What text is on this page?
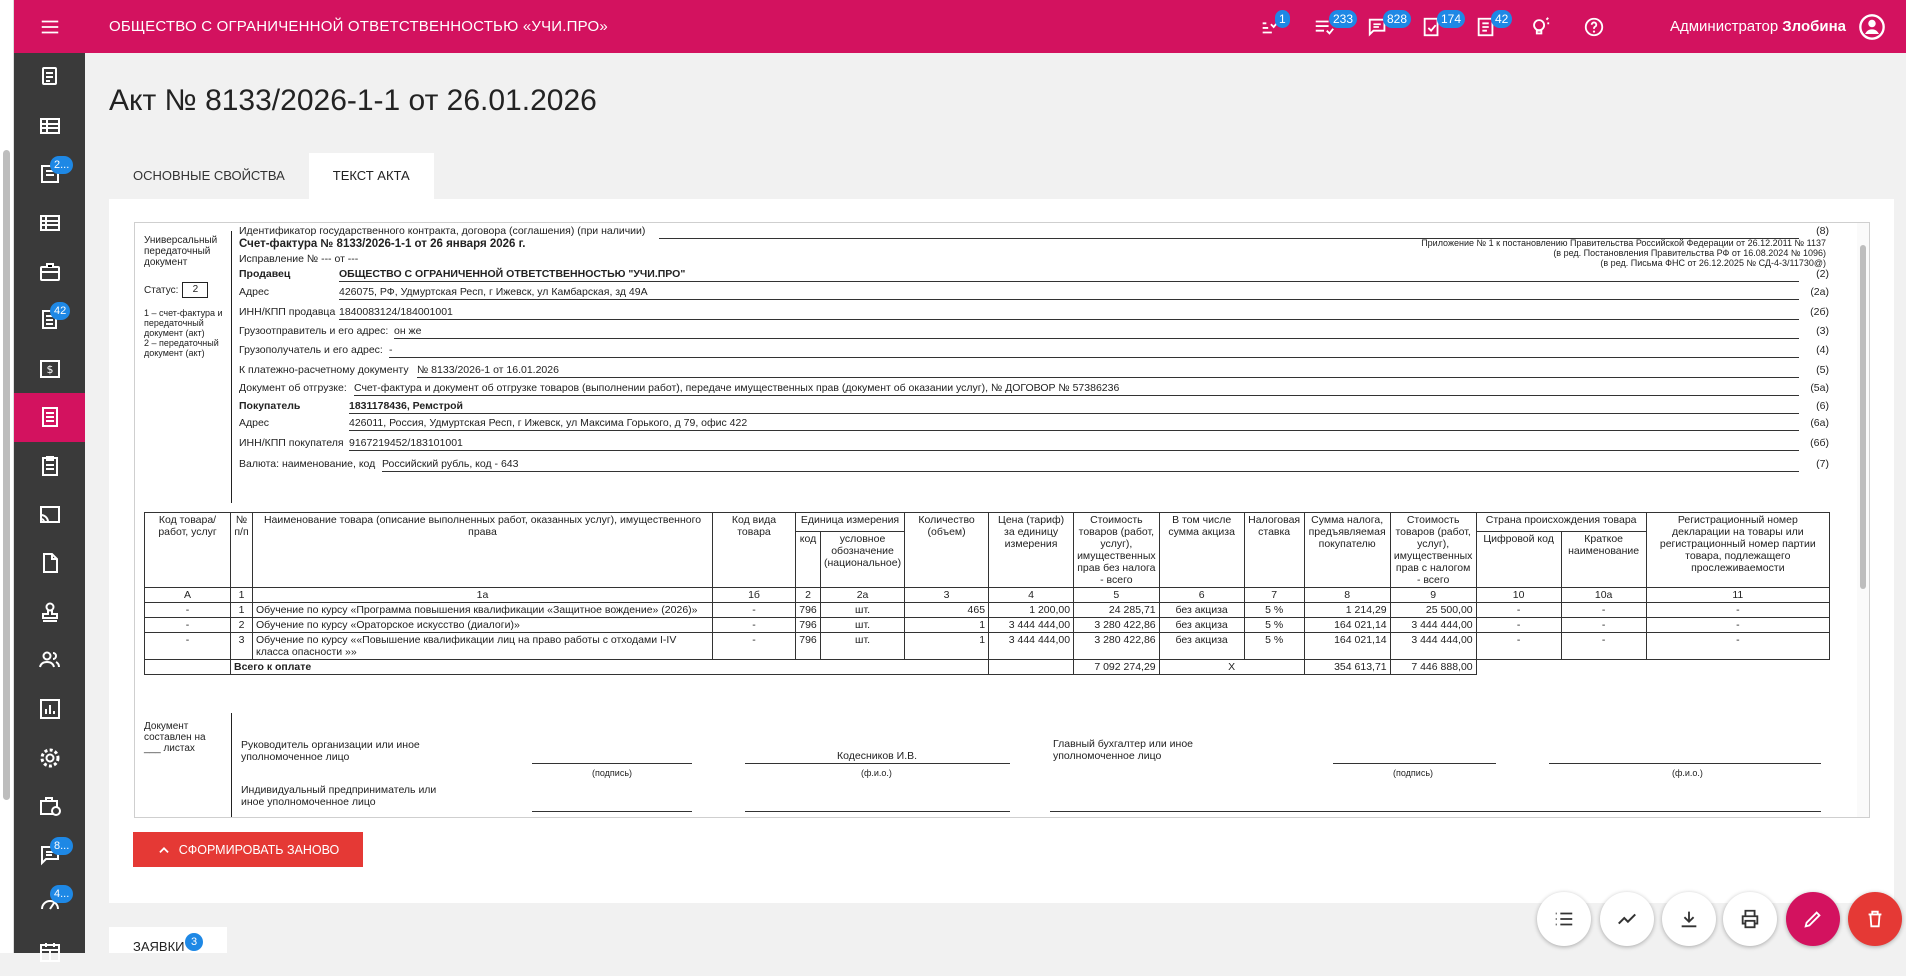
2...
42
$
8...
4...
ОБЩЕСТВО С ОГРАНИЧЕННОЙ ОТВЕТСТВЕННОСТЬЮ «УЧИ.ПРО»	1	233	828	174	42	Администратор Злобина
Акт № 8133/2026-1-1 от 26.01.2026
ОСНОВНЫЕ СВОЙСТВА	ТЕКСТ АКТА
Универсальный передаточный документ
Статус:	2
1 – счет-фактура и передаточный документ (акт)
2 – передаточный документ (акт)
Счет-фактура № 8133/2026-1-1 от 26 января 2026 г.
Исправление № --- от ---
Приложение № 1 к постановлению Правительства Российской Федерации от 26.12.2011 № 1137
(в ред. Постановления Правительства РФ от 16.08.2024 № 1096)
(в ред. Письма ФНС от 26.12.2025 № СД-4-3/11730@)
Продавец	ОБЩЕСТВО С ОГРАНИЧЕННОЙ ОТВЕТСТВЕННОСТЬЮ "УЧИ.ПРО"	(2)
Адрес	426075, РФ, Удмуртская Респ, г Ижевск, ул Камбарская, зд 49А	(2а)
ИНН/КПП продавца 1840083124/184001001	(2б)
Грузоотправитель и его адрес: он же	(3)
Грузополучатель и его адрес: -	(4)
К платежно-расчетному документу № 8133/2026-1 от 16.01.2026	(5)
Документ об отгрузке: Счет-фактура и документ об отгрузке товаров (выполнении работ), передаче имущественных прав (документ об оказании услуг), № ДОГОВОР № 57386236	(5а)
Покупатель	1831178436, Ремстрой	(6)
Адрес	426011, Россия, Удмуртская Респ, г Ижевск, ул Максима Горького, д 79, офис 422	(6а)
ИНН/КПП покупателя 9167219452/183101001	(6б)
Валюта: наименование, код Российский рубль, код - 643	(7)
Идентификатор государственного контракта, договора (соглашения) (при наличии)	(8)
Код товара/ работ, услуг	№ п/п	Наименование товара (описание выполненных работ, оказанных услуг), имущественного права	Код вида товара	Единица измерения		Количество (объем)	Цена (тариф) за единицу измерения	Стоимость товаров (работ, услуг), имущественных прав без налога - всего	В том числе сумма акциза	Налоговая ставка	Сумма налога, предъявляемая покупателю	Стоимость товаров (работ, услуг), имущественных прав с налогом - всего	Страна происхождения товара		Регистрационный номер декларации на товары или регистрационный номер партии товара, подлежащего прослеживаемости
				код	условное обозначение (национальное)								Цифровой код	Краткое наименование	
А	1	1а	1б	2	2а	3	4	5	6	7	8	9	10	10а	11
-	1	Обучение по курсу «Программа повышения квалификации «Защитное вождение» (2026)»	-	796	шт.	465	1 200,00	24 285,71	без акциза	5 %	1 214,29	25 500,00	-	-	-
-	2	Обучение по курсу «Ораторское искусство (диалоги)»	-	796	шт.	1	3 444 444,00	3 280 422,86	без акциза	5 %	164 021,14	3 444 444,00	-	-	-
-	3	Обучение по курсу ««Повышение квалификации лиц на право работы с отходами I-IV класса опасности »»	-	796	шт.	1	3 444 444,00	3 280 422,86	без акциза	5 %	164 021,14	3 444 444,00	-	-	-
	Всего к оплате							7 092 274,29	X		354 613,71	7 446 888,00			
Документ составлен на ___ листах	Руководитель организации или иное уполномоченное лицо
(подпись)
Кодесников И.В.
(ф.и.о.)
Главный бухгалтер или иное уполномоченное лицо
(подпись)	(ф.и.о.)
Индивидуальный предприниматель или иное уполномоченное лицо
СФОРМИРОВАТЬ ЗАНОВО
ЗАЯВКИ 3
